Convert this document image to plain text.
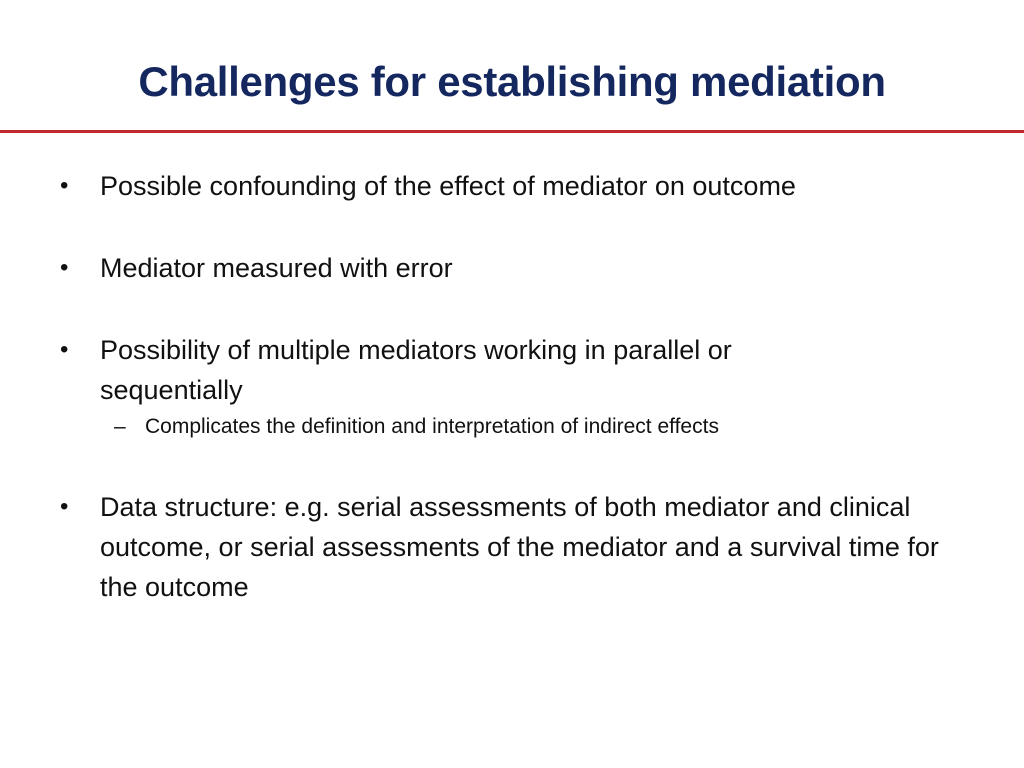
Challenges for establishing mediation
•	Possible confounding of the effect of mediator on outcome
•	Mediator measured with error
•	Possibility of multiple mediators working in parallel or sequentially
– Complicates the definition and interpretation of indirect effects
•	Data structure: e.g. serial assessments of both mediator and clinical outcome, or serial assessments of the mediator and a survival time for the outcome
